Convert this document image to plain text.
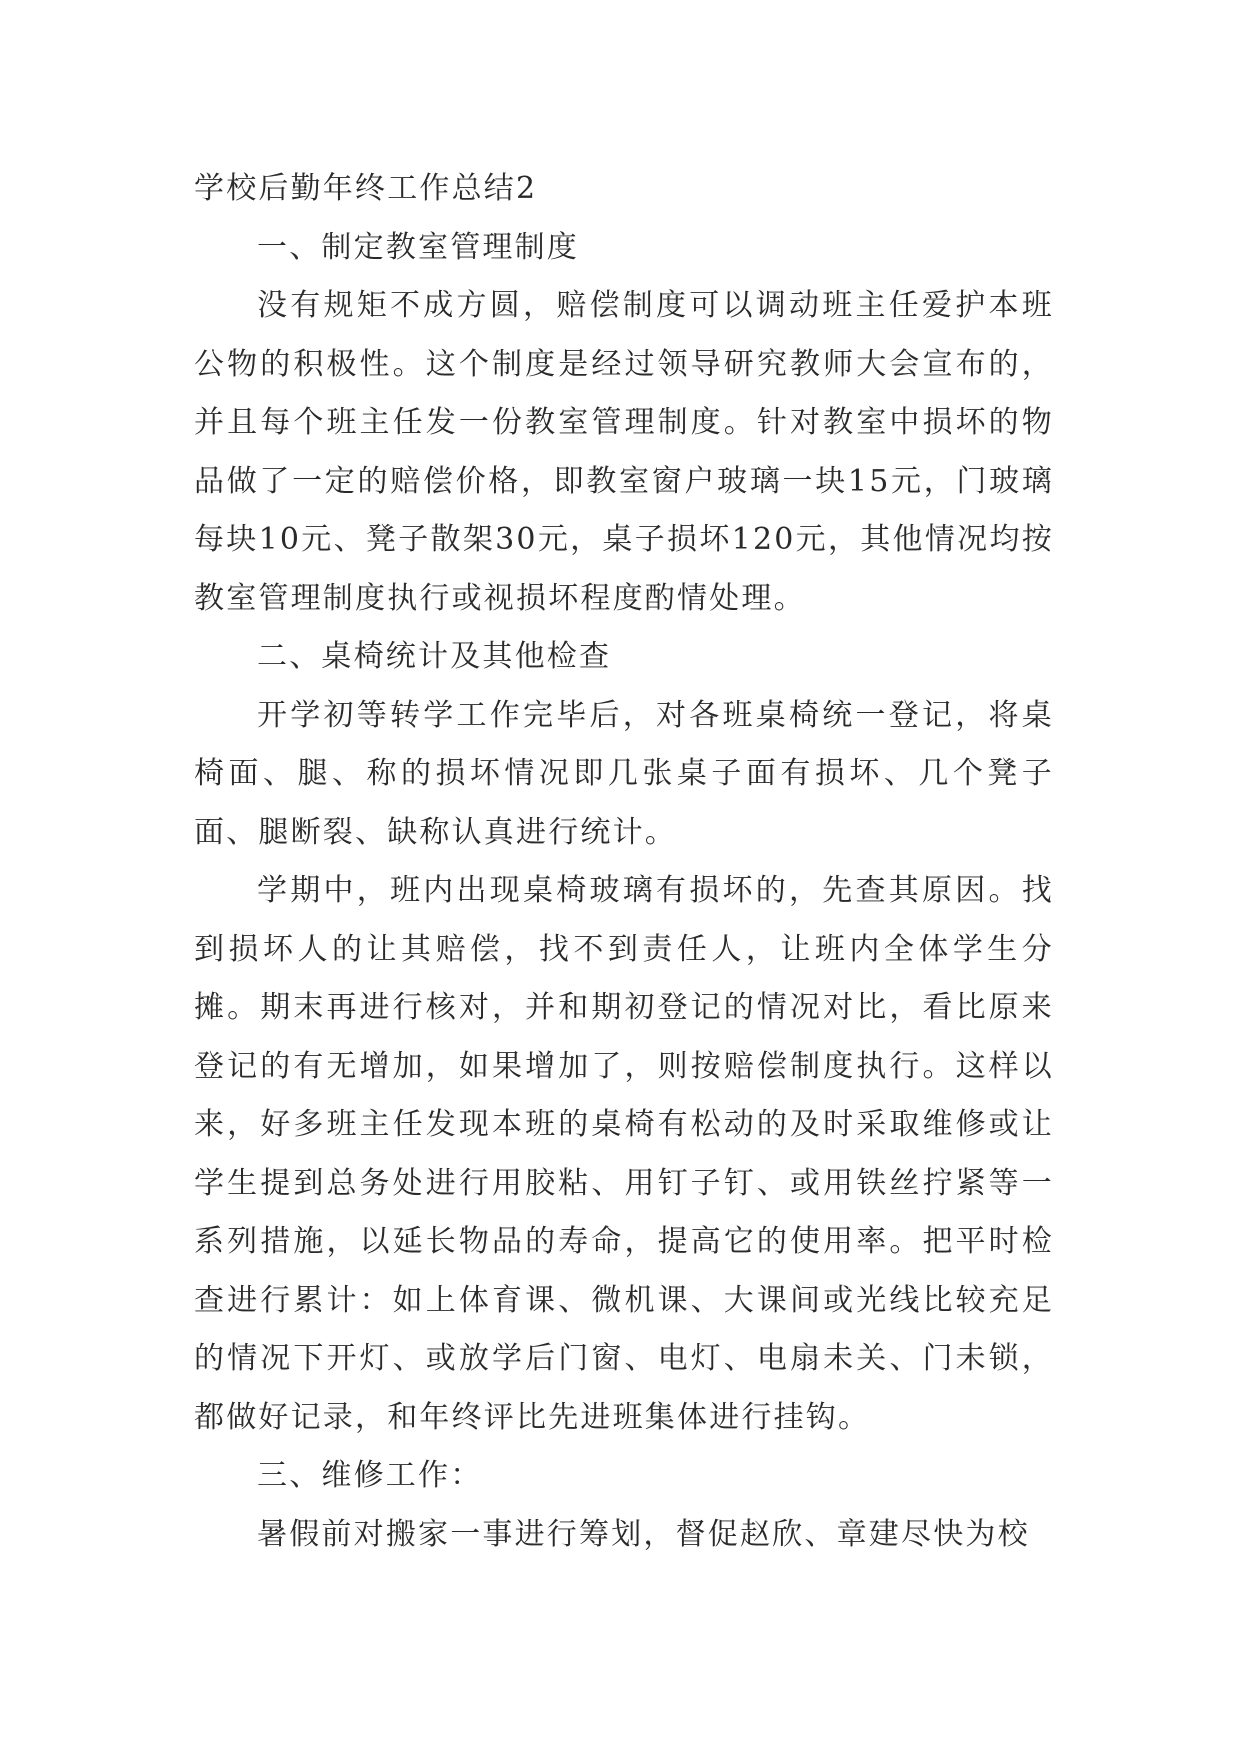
学校后勤年终工作总结2

一、制定教室管理制度

没有规矩不成方圆，赔偿制度可以调动班主任爱护本班公物的积极性。这个制度是经过领导研究教师大会宣布的，并且每个班主任发一份教室管理制度。针对教室中损坏的物品做了一定的赔偿价格，即教室窗户玻璃一块15元，门玻璃每块10元、凳子散架30元，桌子损坏120元，其他情况均按教室管理制度执行或视损坏程度酌情处理。

二、桌椅统计及其他检查

开学初等转学工作完毕后，对各班桌椅统一登记，将桌椅面、腿、称的损坏情况即几张桌子面有损坏、几个凳子面、腿断裂、缺称认真进行统计。

学期中，班内出现桌椅玻璃有损坏的，先查其原因。找到损坏人的让其赔偿，找不到责任人，让班内全体学生分摊。期末再进行核对，并和期初登记的情况对比，看比原来登记的有无增加，如果增加了，则按赔偿制度执行。这样以来，好多班主任发现本班的桌椅有松动的及时采取维修或让学生提到总务处进行用胶粘、用钉子钉、或用铁丝拧紧等一系列措施，以延长物品的寿命，提高它的使用率。把平时检查进行累计：如上体育课、微机课、大课间或光线比较充足的情况下开灯、或放学后门窗、电灯、电扇未关、门未锁，都做好记录，和年终评比先进班集体进行挂钩。

三、维修工作：

暑假前对搬家一事进行筹划，督促赵欣、章建尽快为校
